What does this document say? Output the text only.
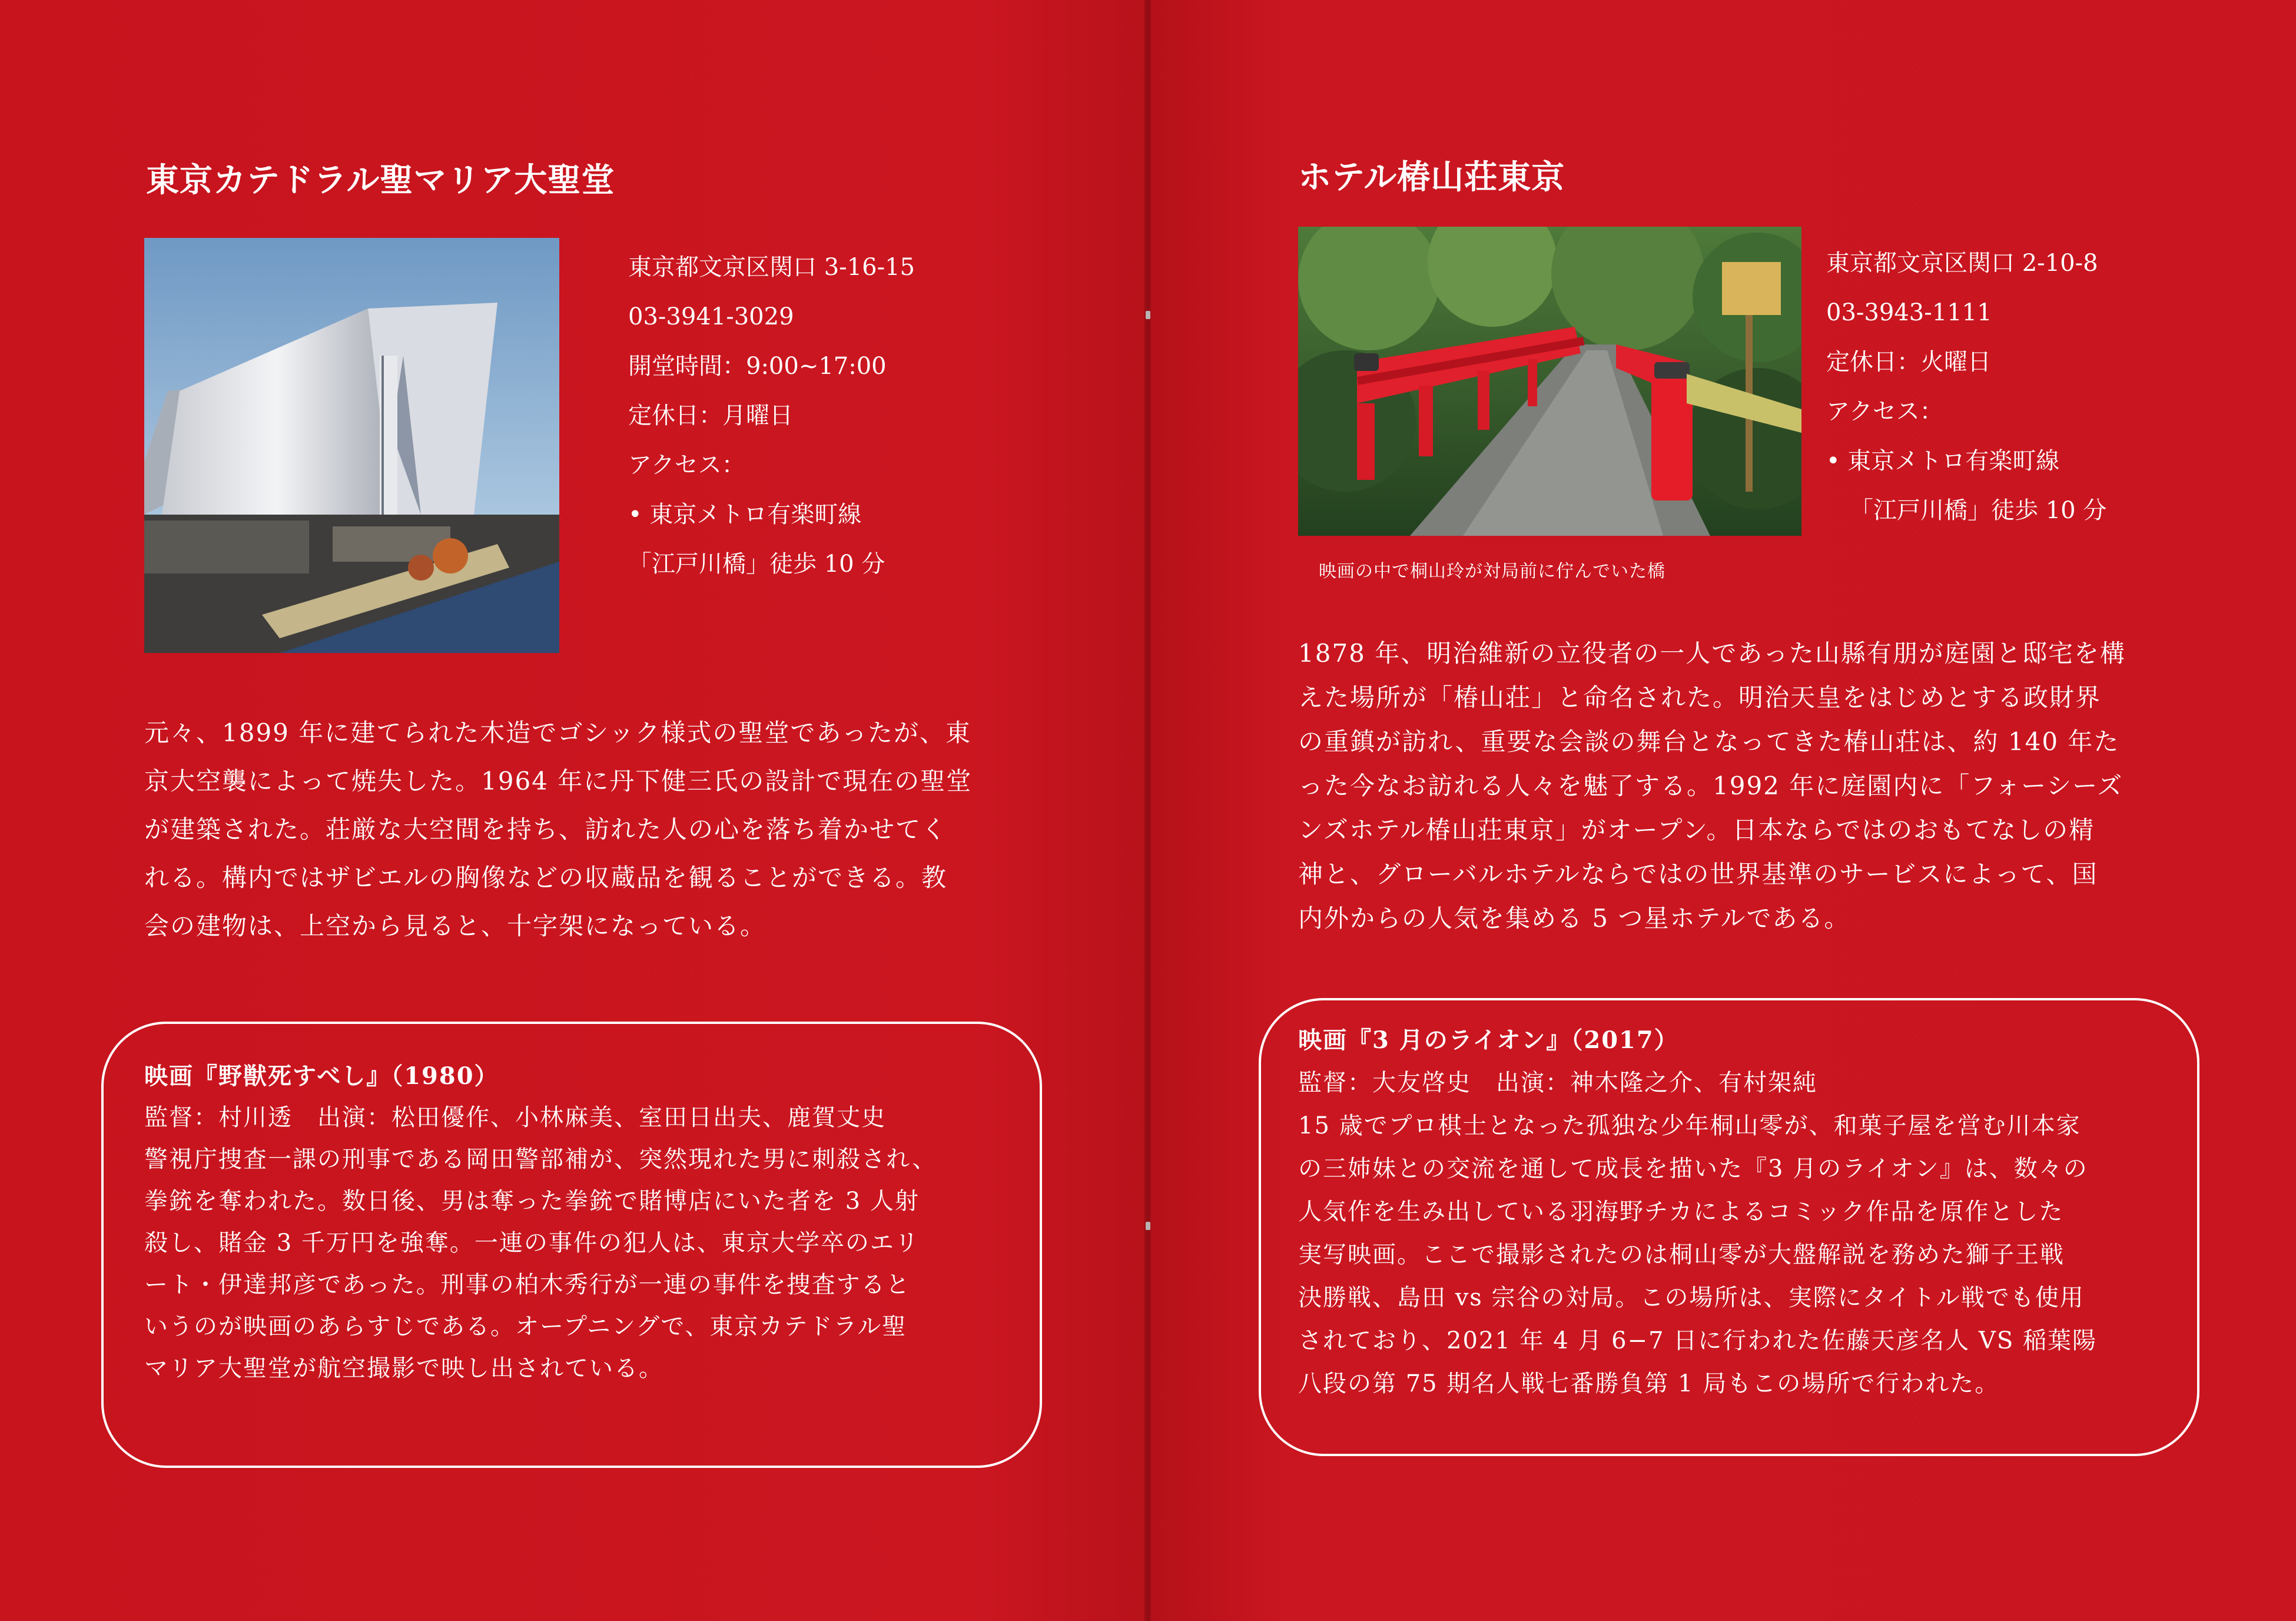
東京カテドラル聖マリア大聖堂
東京都文京区関口 3-16-15
03-3941-3029
開堂時間：9:00~17:00
定休日：月曜日
アクセス：
• 東京メトロ有楽町線
「江戸川橋」徒歩 10 分
元々、1899 年に建てられた木造でゴシック様式の聖堂であったが、東
京大空襲によって焼失した。1964 年に丹下健三氏の設計で現在の聖堂
が建築された。荘厳な大空間を持ち、訪れた人の心を落ち着かせてく
れる。構内ではザビエルの胸像などの収蔵品を観ることができる。教
会の建物は、上空から見ると、十字架になっている。
映画『野獣死すべし』（1980）
監督：村川透　出演：松田優作、小林麻美、室田日出夫、鹿賀丈史
警視庁捜査一課の刑事である岡田警部補が、突然現れた男に刺殺され、
拳銃を奪われた。数日後、男は奪った拳銃で賭博店にいた者を 3 人射
殺し、賭金 3 千万円を強奪。一連の事件の犯人は、東京大学卒のエリ
ート・伊達邦彦であった。刑事の柏木秀行が一連の事件を捜査すると
いうのが映画のあらすじである。オープニングで、東京カテドラル聖
マリア大聖堂が航空撮影で映し出されている。
ホテル椿山荘東京
東京都文京区関口 2-10-8
03-3943-1111
定休日：火曜日
アクセス：
• 東京メトロ有楽町線
「江戸川橋」徒歩 10 分
映画の中で桐山玲が対局前に佇んでいた橋
1878 年、明治維新の立役者の一人であった山縣有朋が庭園と邸宅を構
えた場所が「椿山荘」と命名された。明治天皇をはじめとする政財界
の重鎮が訪れ、重要な会談の舞台となってきた椿山荘は、約 140 年た
った今なお訪れる人々を魅了する。1992 年に庭園内に「フォーシーズ
ンズホテル椿山荘東京」がオープン。日本ならではのおもてなしの精
神と、グローバルホテルならではの世界基準のサービスによって、国
内外からの人気を集める 5 つ星ホテルである。
映画『3 月のライオン』（2017）
監督：大友啓史　出演：神木隆之介、有村架純
15 歳でプロ棋士となった孤独な少年桐山零が、和菓子屋を営む川本家
の三姉妹との交流を通して成長を描いた『3 月のライオン』は、数々の
人気作を生み出している羽海野チカによるコミック作品を原作とした
実写映画。ここで撮影されたのは桐山零が大盤解説を務めた獅子王戦
決勝戦、島田 vs 宗谷の対局。この場所は、実際にタイトル戦でも使用
されており、2021 年 4 月 6−7 日に行われた佐藤天彦名人 VS 稲葉陽
八段の第 75 期名人戦七番勝負第 1 局もこの場所で行われた。
